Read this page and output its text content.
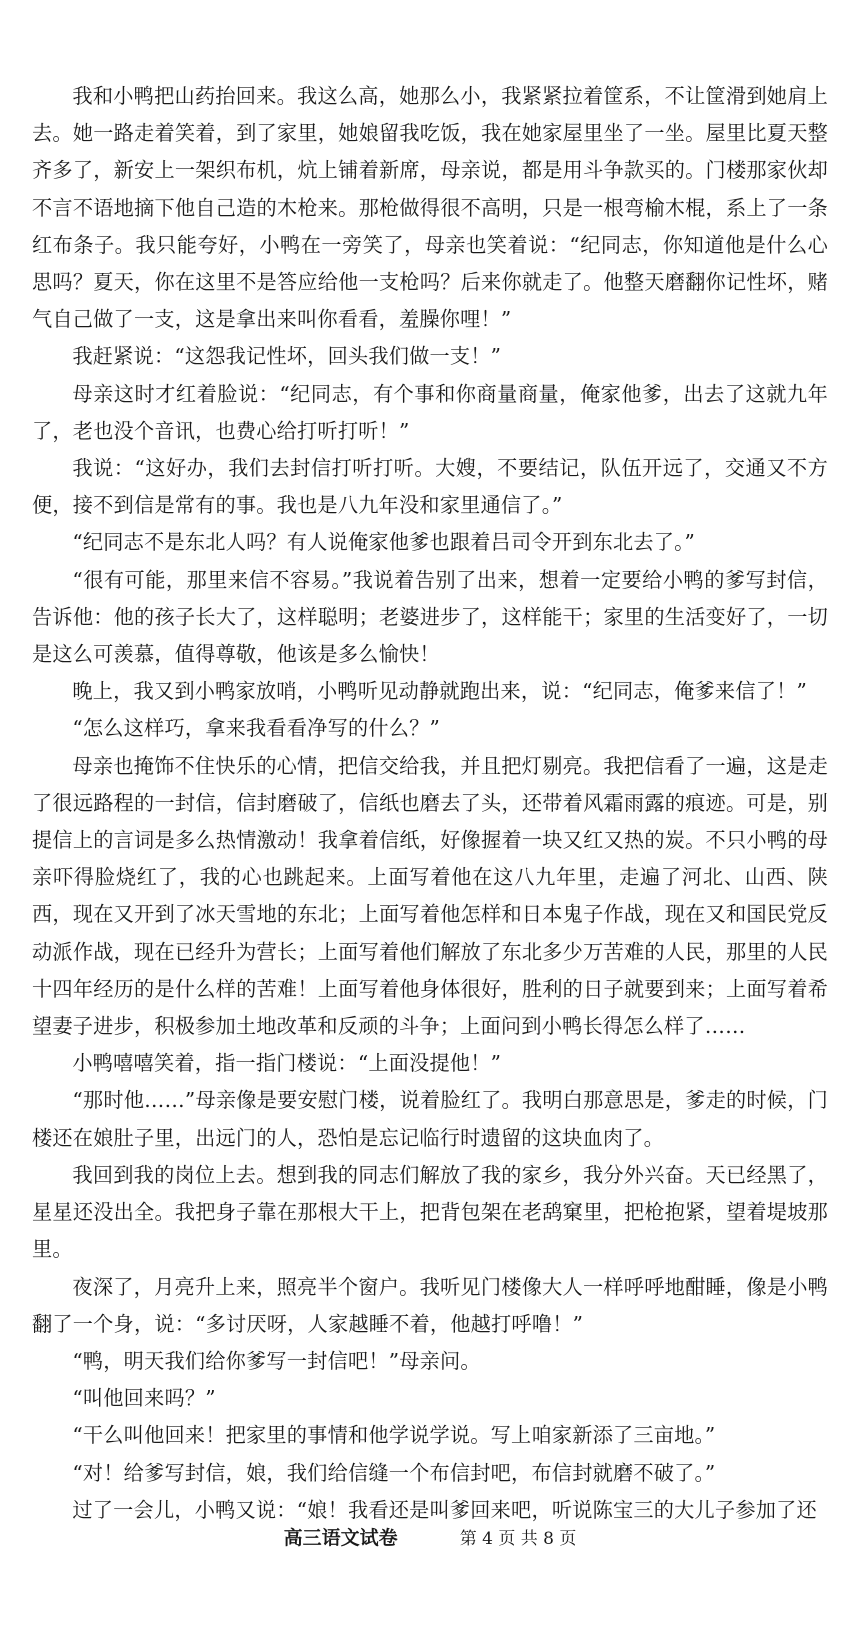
我和小鸭把山药抬回来。我这么高，她那么小，我紧紧拉着筐系，不让筐滑到她肩上去。她一路走着笑着，到了家里，她娘留我吃饭，我在她家屋里坐了一坐。屋里比夏天整齐多了，新安上一架织布机，炕上铺着新席，母亲说，都是用斗争款买的。门楼那家伙却不言不语地摘下他自己造的木枪来。那枪做得很不高明，只是一根弯榆木棍，系上了一条红布条子。我只能夸好，小鸭在一旁笑了，母亲也笑着说：“纪同志，你知道他是什么心思吗？夏天，你在这里不是答应给他一支枪吗？后来你就走了。他整天磨翻你记性坏，赌气自己做了一支，这是拿出来叫你看看，羞臊你哩！”

我赶紧说：“这怨我记性坏，回头我们做一支！”

母亲这时才红着脸说：“纪同志，有个事和你商量商量，俺家他爹，出去了这就九年了，老也没个音讯，也费心给打听打听！”

我说：“这好办，我们去封信打听打听。大嫂，不要结记，队伍开远了，交通又不方便，接不到信是常有的事。我也是八九年没和家里通信了。”

“纪同志不是东北人吗？有人说俺家他爹也跟着吕司令开到东北去了。”

“很有可能，那里来信不容易。”我说着告别了出来，想着一定要给小鸭的爹写封信，告诉他：他的孩子长大了，这样聪明；老婆进步了，这样能干；家里的生活变好了，一切是这么可羡慕，值得尊敬，他该是多么愉快！

晚上，我又到小鸭家放哨，小鸭听见动静就跑出来，说：“纪同志，俺爹来信了！”

“怎么这样巧，拿来我看看净写的什么？”

母亲也掩饰不住快乐的心情，把信交给我，并且把灯剔亮。我把信看了一遍，这是走了很远路程的一封信，信封磨破了，信纸也磨去了头，还带着风霜雨露的痕迹。可是，别提信上的言词是多么热情激动！我拿着信纸，好像握着一块又红又热的炭。不只小鸭的母亲吓得脸烧红了，我的心也跳起来。上面写着他在这八九年里，走遍了河北、山西、陕西，现在又开到了冰天雪地的东北；上面写着他怎样和日本鬼子作战，现在又和国民党反动派作战，现在已经升为营长；上面写着他们解放了东北多少万苦难的人民，那里的人民十四年经历的是什么样的苦难！上面写着他身体很好，胜利的日子就要到来；上面写着希望妻子进步，积极参加土地改革和反顽的斗争；上面问到小鸭长得怎么样了……

小鸭嘻嘻笑着，指一指门楼说：“上面没提他！”

“那时他……”母亲像是要安慰门楼，说着脸红了。我明白那意思是，爹走的时候，门楼还在娘肚子里，出远门的人，恐怕是忘记临行时遗留的这块血肉了。

我回到我的岗位上去。想到我的同志们解放了我的家乡，我分外兴奋。天已经黑了，星星还没出全。我把身子靠在那根大干上，把背包架在老鸹窠里，把枪抱紧，望着堤坡那里。

夜深了，月亮升上来，照亮半个窗户。我听见门楼像大人一样呼呼地酣睡，像是小鸭翻了一个身，说：“多讨厌呀，人家越睡不着，他越打呼噜！”

“鸭，明天我们给你爹写一封信吧！”母亲问。

“叫他回来吗？”

“干么叫他回来！把家里的事情和他学说学说。写上咱家新添了三亩地。”

“对！给爹写封信，娘，我们给信缝一个布信封吧，布信封就磨不破了。”

过了一会儿，小鸭又说：“娘！我看还是叫爹回来吧，听说陈宝三的大儿子参加了还

高三语文试卷	第 4 页 共 8 页
